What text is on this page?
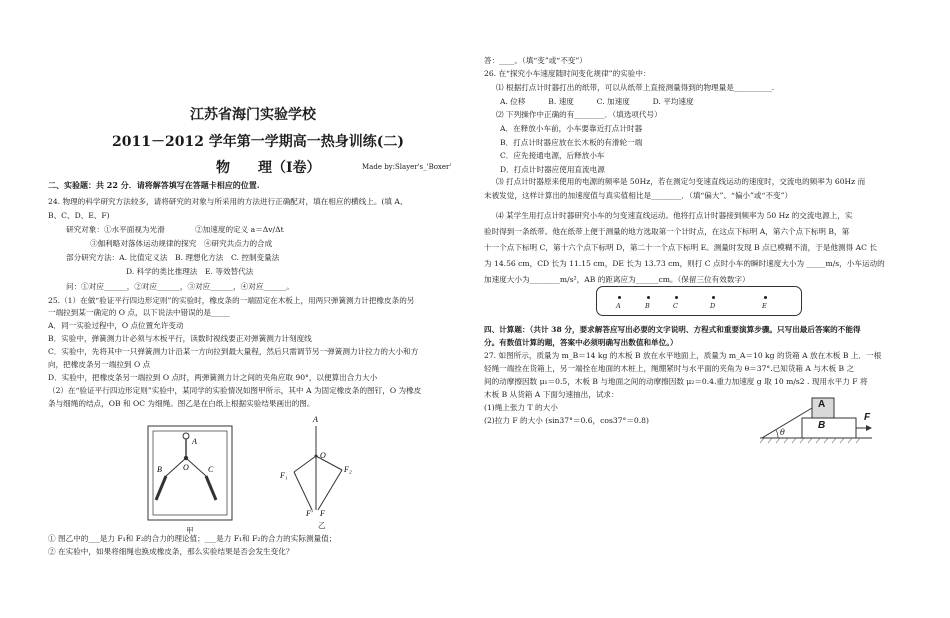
江苏省海门实验学校
2011－2012 学年第一学期高一热身训练(二)
物　　理（Ⅰ卷）	Made by:Slayer's_'Boxer'
二、实验题：共 22 分．请将解答填写在答题卡相应的位置.
24. 物理的科学研究方法较多，请将研究的对象与所采用的方法进行正确配对，填在相应的横线上。(填 A、
B、C、D、E、F)
研究对象：①水平面视为光滑　　　　②加速度的定义 a＝Δv/Δt
③伽利略对落体运动规律的探究　④研究共点力的合成
部分研究方法：A. 比值定义法　B. 理想化方法　C. 控制变量法
D. 科学的类比推理法　E. 等效替代法
问：①对应______，②对应______，③对应______，④对应______。
25.（1）在做“验证平行四边形定则”的实验时，橡皮条的一端固定在木板上，用两只弹簧测力计把橡皮条的另
一端拉到某一确定的 O 点，以下说法中错误的是_____
A．同一实验过程中，O 点位置允许变动
B．实验中，弹簧测力计必须与木板平行，读数时视线要正对弹簧测力计刻度线
C．实验中，先将其中一只弹簧测力计沿某一方向拉到最大量程，然后只需调节另一弹簧测力计拉力的大小和方
向，把橡皮条另一端拉到 O 点
D．实验中，把橡皮条另一端拉到 O 点时，两弹簧测力计之间的夹角应取 90°，以便算出合力大小
（2）在“验证平行四边形定则”实验中，某同学的实验情况如图甲所示，其中 A 为固定橡皮条的图钉，O 为橡皮
条与细绳的结点，OB 和 OC 为细绳。图乙是在白纸上根据实验结果画出的图。
A
O
B	C
甲
A
O
F₁
F₂
F′ F
乙
① 图乙中的___是力 F₁和 F₂的合力的理论值；___是力 F₁和 F₂的合力的实际测量值；
② 在实验中，如果将细绳也换成橡皮条，那么实验结果是否会发生变化？
答：____。（填“变”或“不变”）
26. 在“探究小车速度随时间变化规律”的实验中：
⑴ 根据打点计时器打出的纸带，可以从纸带上直接测量得到的物理量是__________.
A. 位移　　　B. 速度　　　C. 加速度　　　D. 平均速度
⑵ 下列操作中正确的有________．（填选项代号）
A．在释放小车前，小车要靠近打点计时器
B．打点计时器应放在长木板的有滑轮一端
C．应先接通电源，后释放小车
D．打点计时器应使用直流电源
⑶ 打点计时器原来使用的电源的频率是 50Hz，若在测定匀变速直线运动的速度时，交流电的频率为 60Hz 而
未被发觉，这样计算出的加速度值与真实值相比是________．（填“偏大”、“偏小”或“不变”）
⑷ 某学生用打点计时器研究小车的匀变速直线运动。他将打点计时器接到频率为 50 Hz 的交流电源上，实
验时得到一条纸带。他在纸带上便于测量的地方选取第一个计时点，在这点下标明 A，第六个点下标明 B，第
十一个点下标明 C，第十六个点下标明 D，第二十一个点下标明 E。测量时发现 B 点已模糊不清，于是他测得 AC 长
为 14.56 cm，CD 长为 11.15 cm，DE 长为 13.73 cm，则打 C 点时小车的瞬时速度大小为 _____m/s，小车运动的
加速度大小为________m/s²，AB 的距离应为______cm。（保留三位有效数字）
A	B	C	D	E
四、计算题：（共计 38 分，要求解答应写出必要的文字说明、方程式和重要演算步骤。只写出最后答案的不能得
分。有数值计算的题，答案中必须明确写出数值和单位。）
27. 如图所示，质量为 m_B＝14 kg 的木板 B 放在水平地面上，质量为 m_A＝10 kg 的货箱 A 放在木板 B 上．一根
轻绳一端拴在货箱上，另一端拴在地面的木桩上，绳绷紧时与水平面的夹角为 θ＝37°.已知货箱 A 与木板 B 之
间的动摩擦因数 μ₁＝0.5，木板 B 与地面之间的动摩擦因数 μ₂＝0.4.重力加速度 g 取 10 m/s2 . 现用水平力 F 将
木板 B 从货箱 A 下面匀速抽出，试求：
(1)绳上张力 T 的大小
(2)拉力 F 的大小 (sin37°＝0.6，cos37°＝0.8)
A
B
F
θ
